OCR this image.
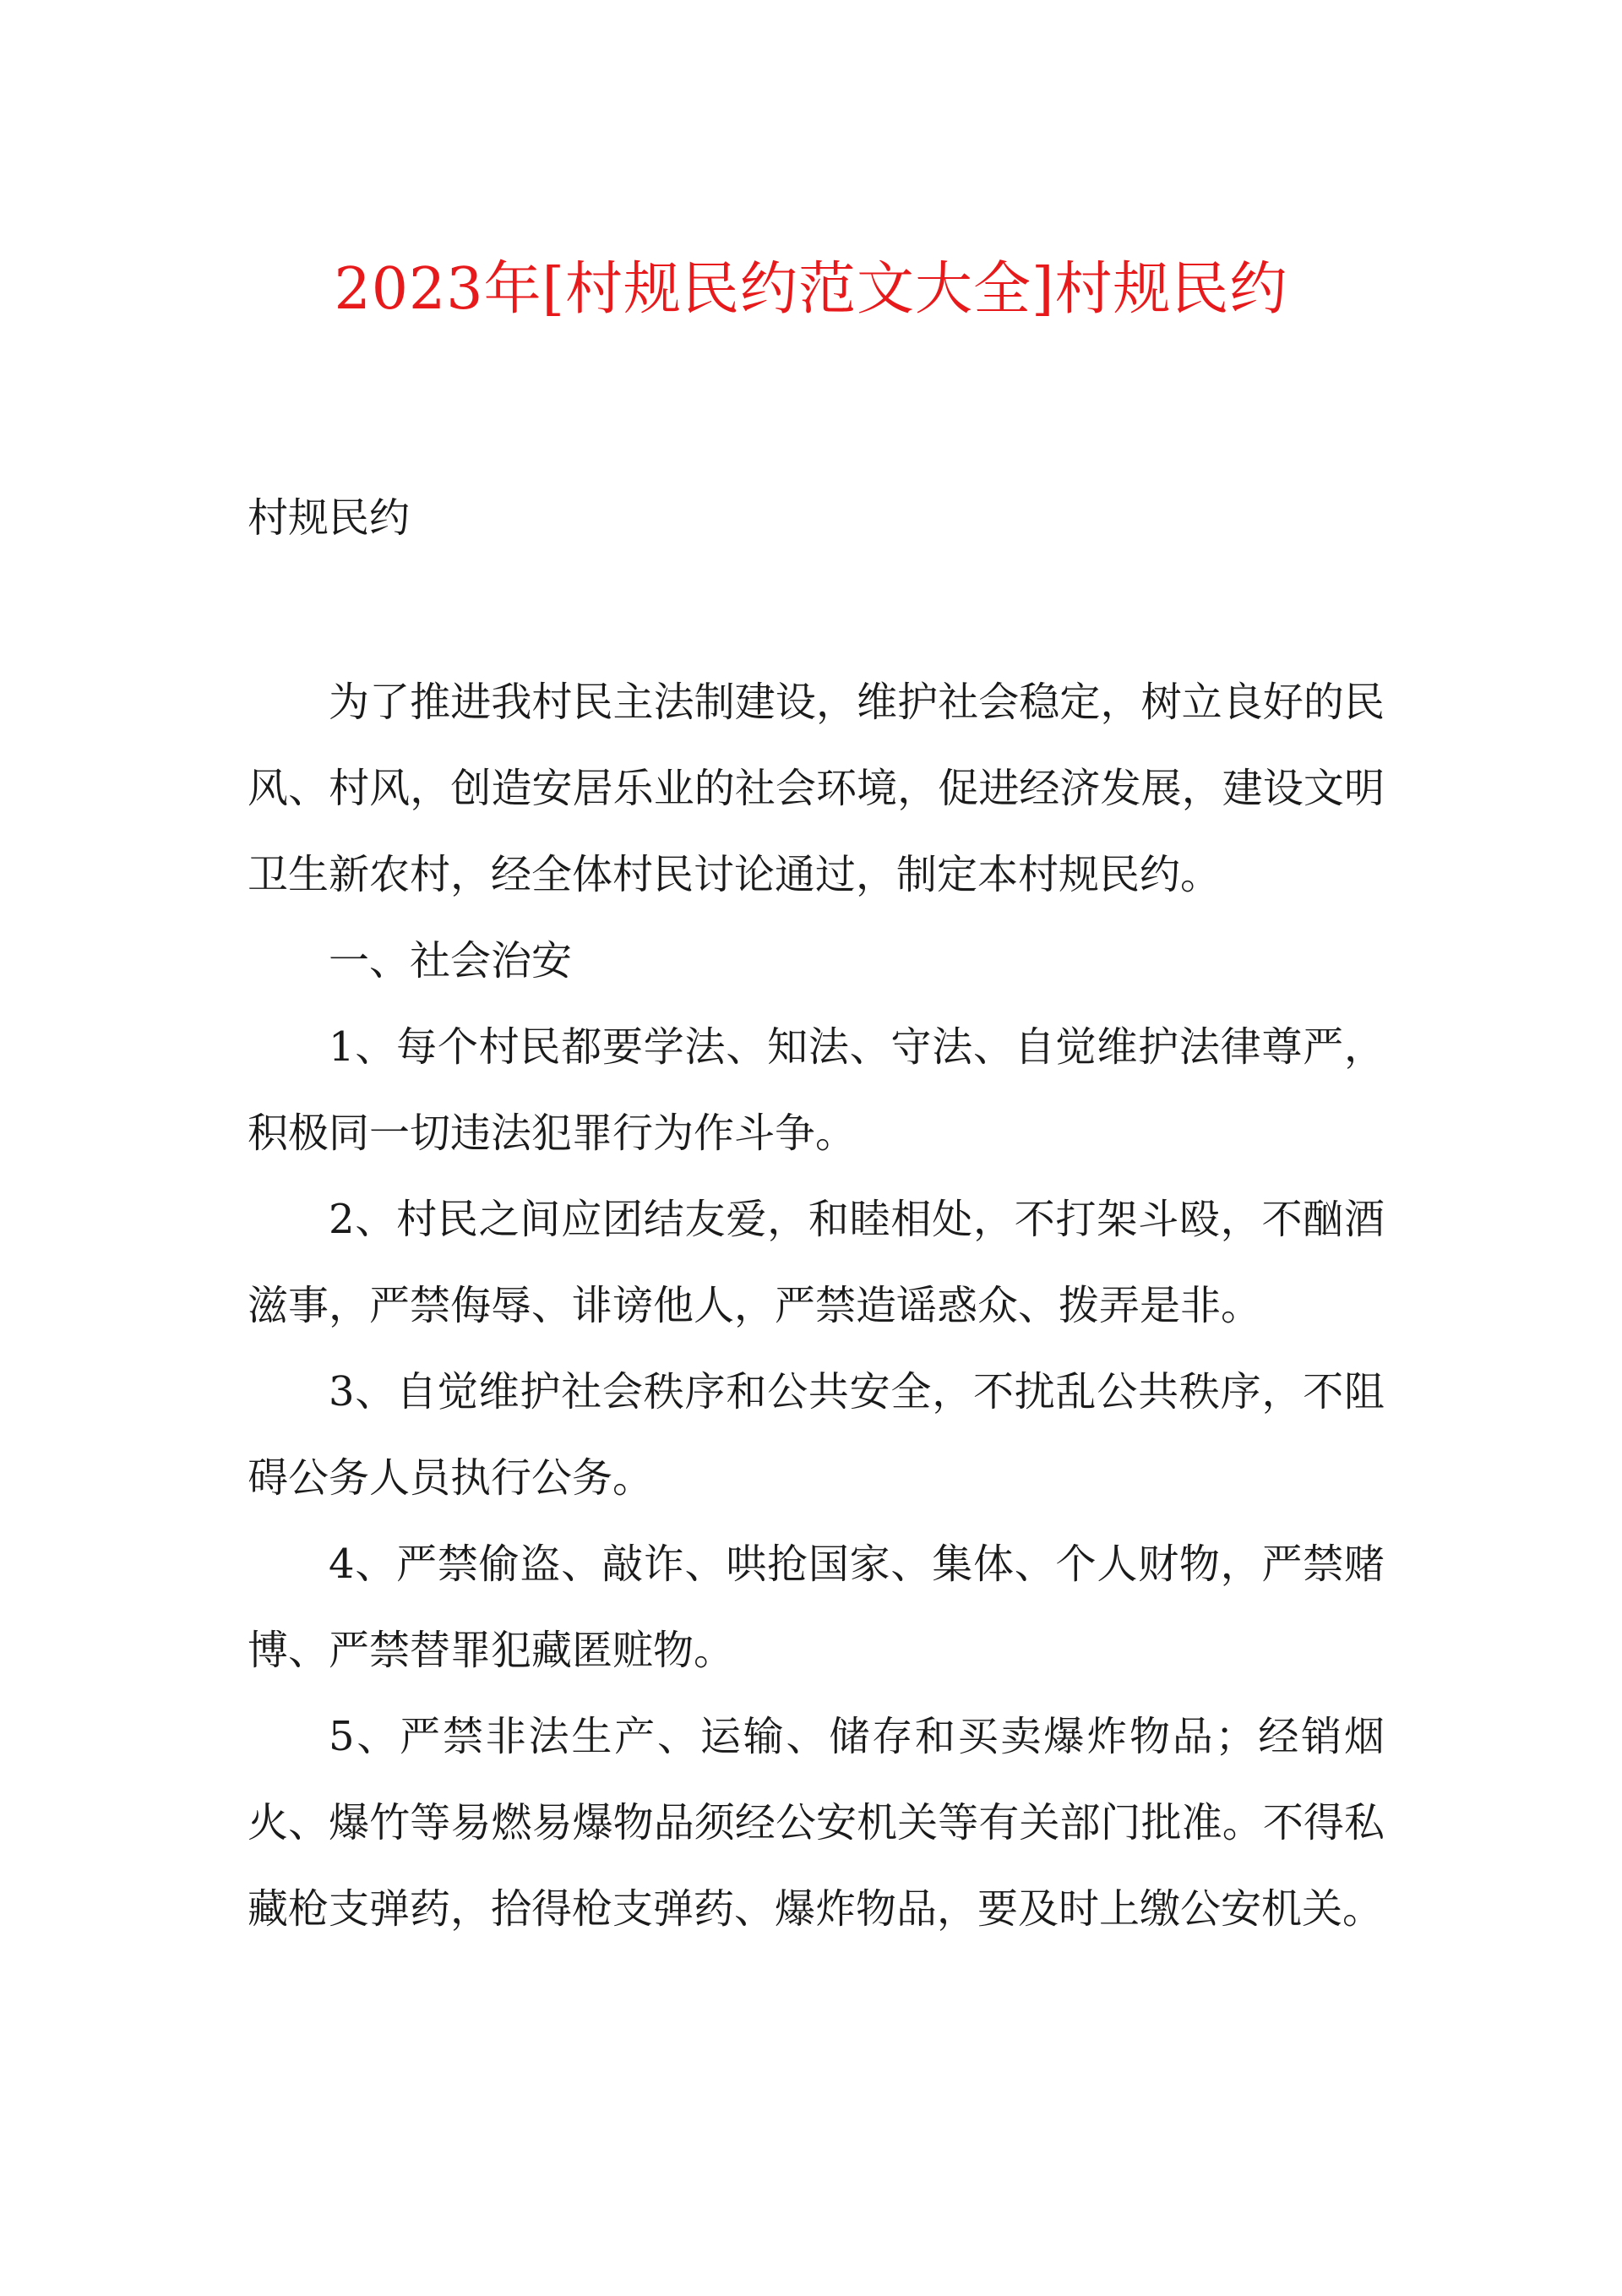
2023年[村规民约范文大全]村规民约

村规民约

为了推进我村民主法制建设，维护社会稳定，树立良好的民风、村风，创造安居乐业的社会环境，促进经济发展，建设文明卫生新农村，经全体村民讨论通过，制定本村规民约。

一、社会治安

1、每个村民都要学法、知法、守法、自觉维护法律尊严，积极同一切违法犯罪行为作斗争。

2、村民之间应团结友爱，和睦相处，不打架斗殴，不酗酒滋事，严禁侮辱、诽谤他人，严禁造谣惑众、拨弄是非。

3、自觉维护社会秩序和公共安全，不扰乱公共秩序，不阻碍公务人员执行公务。

4、严禁偷盗、敲诈、哄抢国家、集体、个人财物，严禁赌博、严禁替罪犯藏匿赃物。

5、严禁非法生产、运输、储存和买卖爆炸物品；经销烟火、爆竹等易燃易爆物品须经公安机关等有关部门批准。不得私藏枪支弹药，拾得枪支弹药、爆炸物品，要及时上缴公安机关。
